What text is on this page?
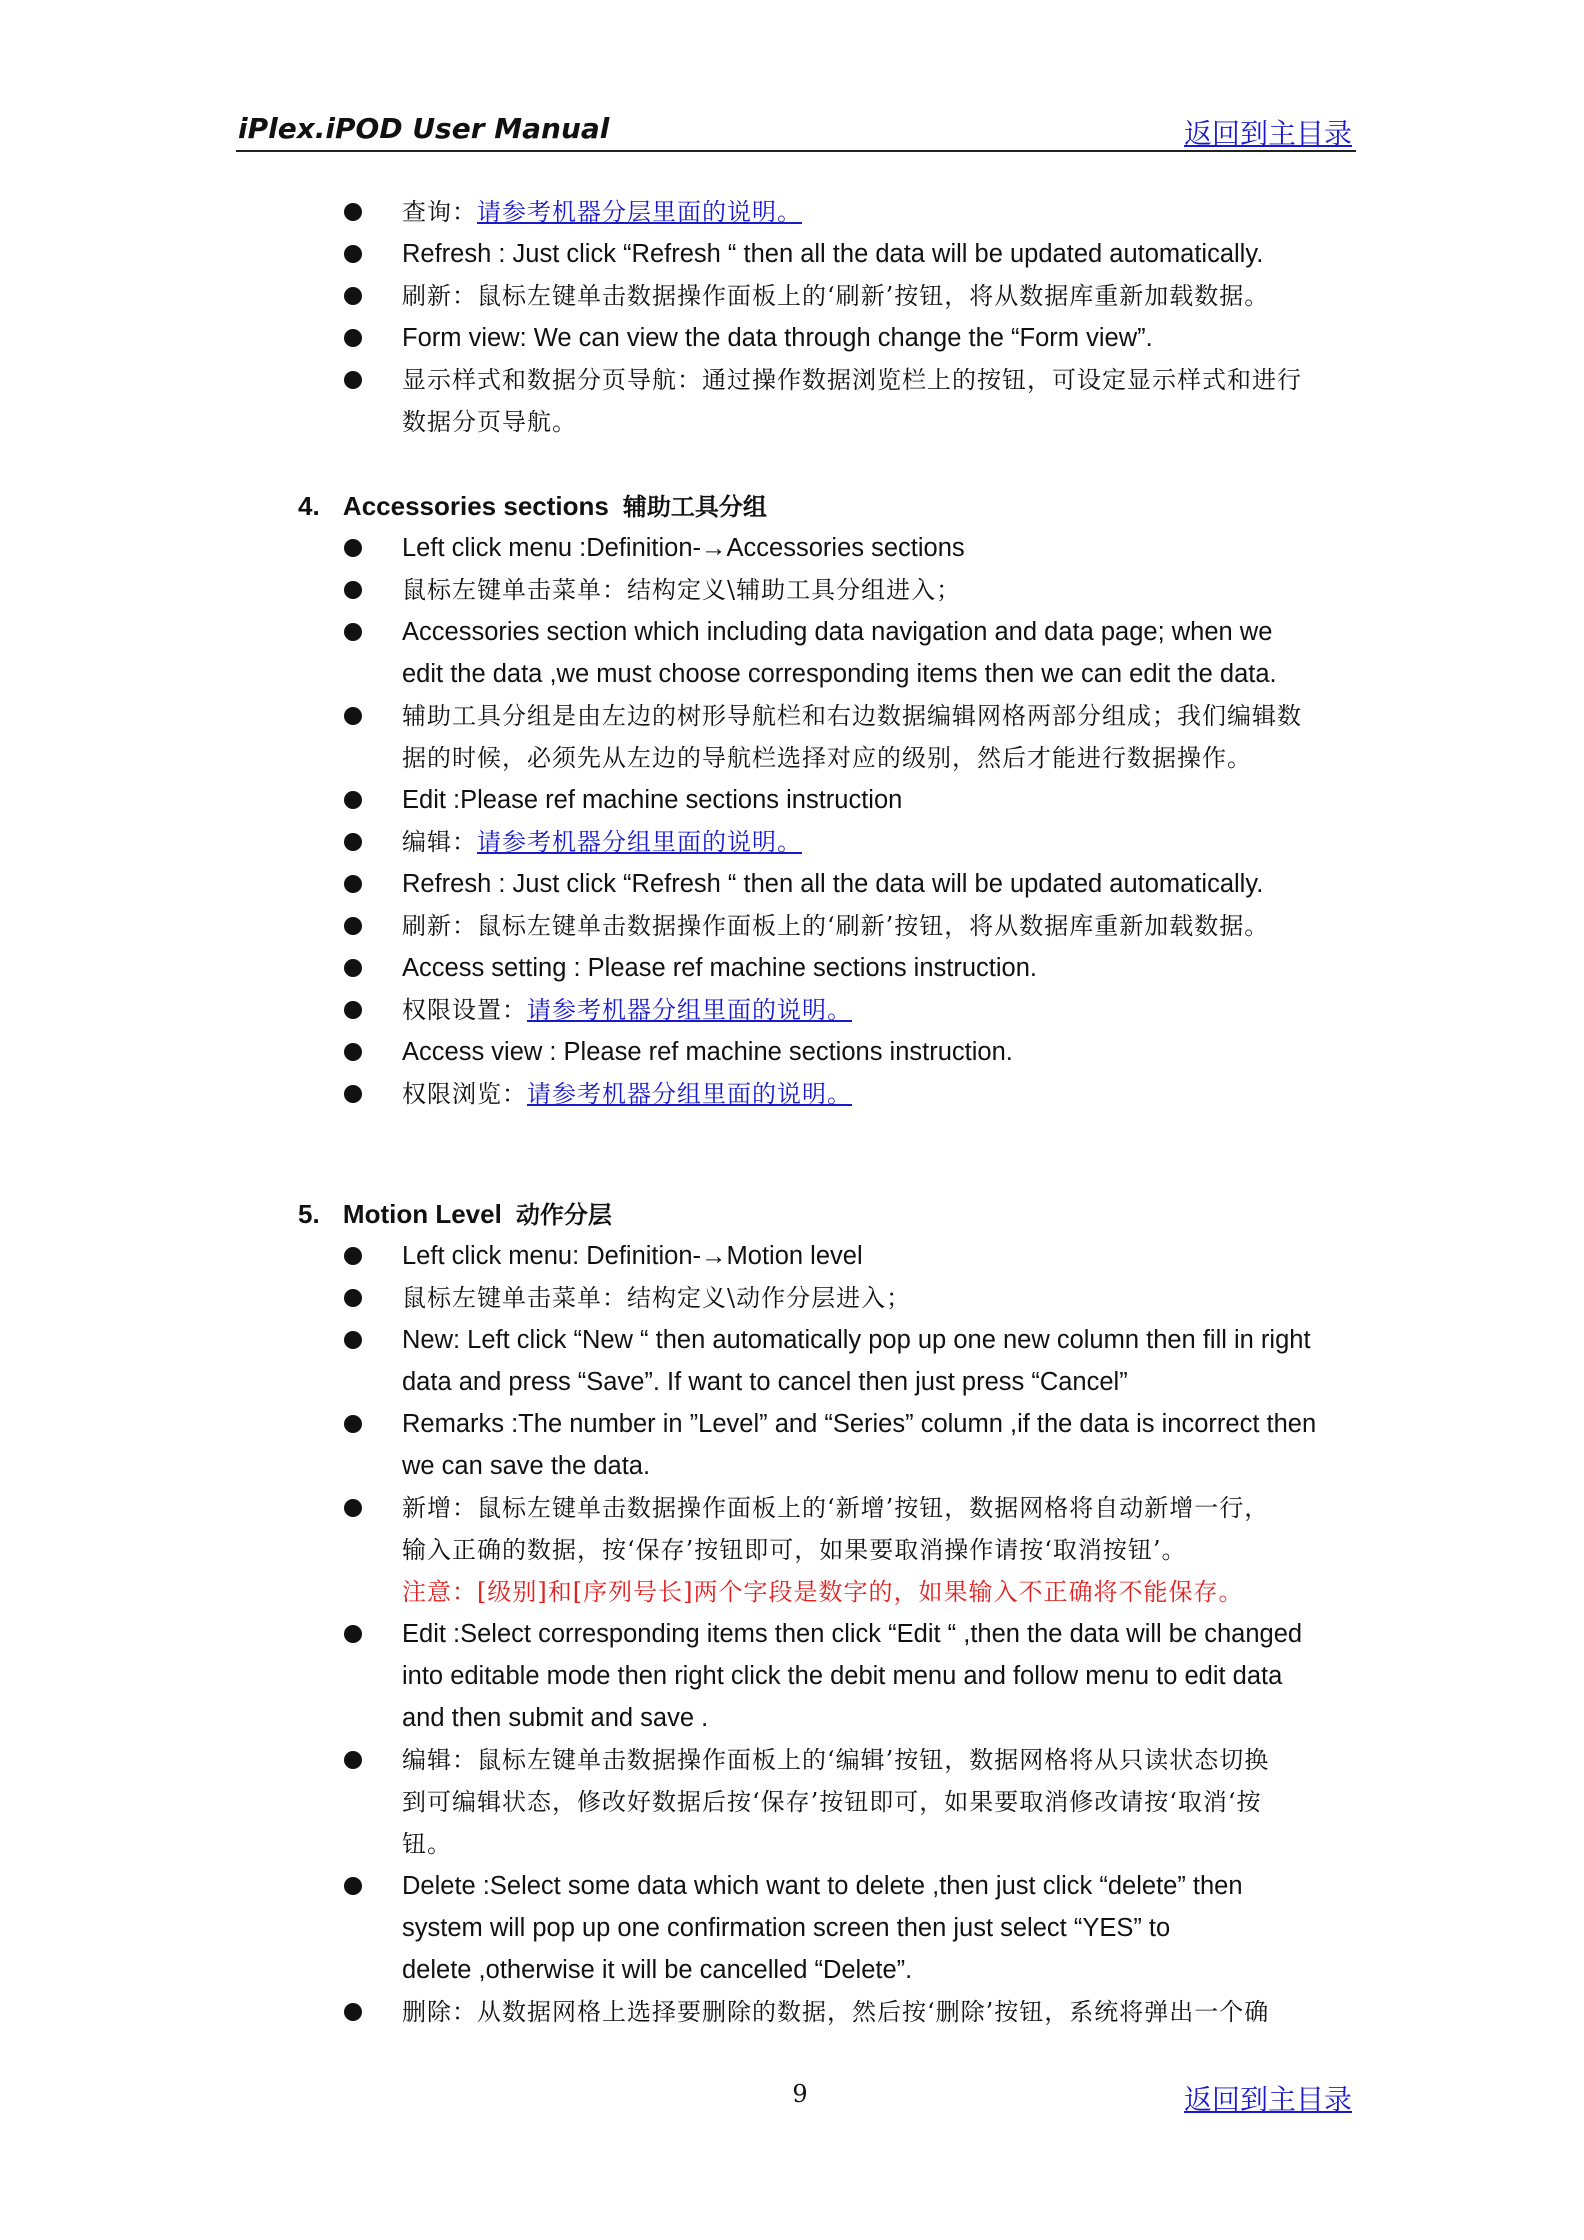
iPlex.iPOD User Manual	返回到主目录
查询：请参考机器分层里面的说明。
Refresh : Just click “Refresh “ then all the data will be updated automatically.
刷新：鼠标左键单击数据操作面板上的‘刷新’按钮，将从数据库重新加载数据。
Form view: We can view the data through change the “Form view”.
显示样式和数据分页导航：通过操作数据浏览栏上的按钮，可设定显示样式和进行
数据分页导航。
4. Accessories sections 辅助工具分组
Left click menu :Definition-→Accessories sections
鼠标左键单击菜单：结构定义\辅助工具分组进入；
Accessories section which including data navigation and data page; when we
edit the data ,we must choose corresponding items then we can edit the data.
辅助工具分组是由左边的树形导航栏和右边数据编辑网格两部分组成；我们编辑数
据的时候，必须先从左边的导航栏选择对应的级别，然后才能进行数据操作。
Edit :Please ref machine sections instruction
编辑：请参考机器分组里面的说明。
Refresh : Just click “Refresh “ then all the data will be updated automatically.
刷新：鼠标左键单击数据操作面板上的‘刷新’按钮，将从数据库重新加载数据。
Access setting : Please ref machine sections instruction.
权限设置：请参考机器分组里面的说明。
Access view : Please ref machine sections instruction.
权限浏览：请参考机器分组里面的说明。
5. Motion Level 动作分层
Left click menu: Definition-→Motion level
鼠标左键单击菜单：结构定义\动作分层进入；
New: Left click “New “ then automatically pop up one new column then fill in right
data and press “Save”. If want to cancel then just press “Cancel”
Remarks :The number in ”Level” and “Series” column ,if the data is incorrect then
we can save the data.
新增：鼠标左键单击数据操作面板上的‘新增’按钮，数据网格将自动新增一行，
输入正确的数据，按‘保存’按钮即可，如果要取消操作请按‘取消按钮’。
注意：[级别]和[序列号长]两个字段是数字的，如果输入不正确将不能保存。
Edit :Select corresponding items then click “Edit “ ,then the data will be changed
into editable mode then right click the debit menu and follow menu to edit data
and then submit and save .
编辑：鼠标左键单击数据操作面板上的‘编辑’按钮，数据网格将从只读状态切换
到可编辑状态，修改好数据后按‘保存’按钮即可，如果要取消修改请按‘取消‘按
钮。
Delete :Select some data which want to delete ,then just click “delete” then
system will pop up one confirmation screen then just select “YES” to
delete ,otherwise it will be cancelled “Delete”.
删除：从数据网格上选择要删除的数据，然后按‘删除’按钮，系统将弹出一个确
9	返回到主目录
